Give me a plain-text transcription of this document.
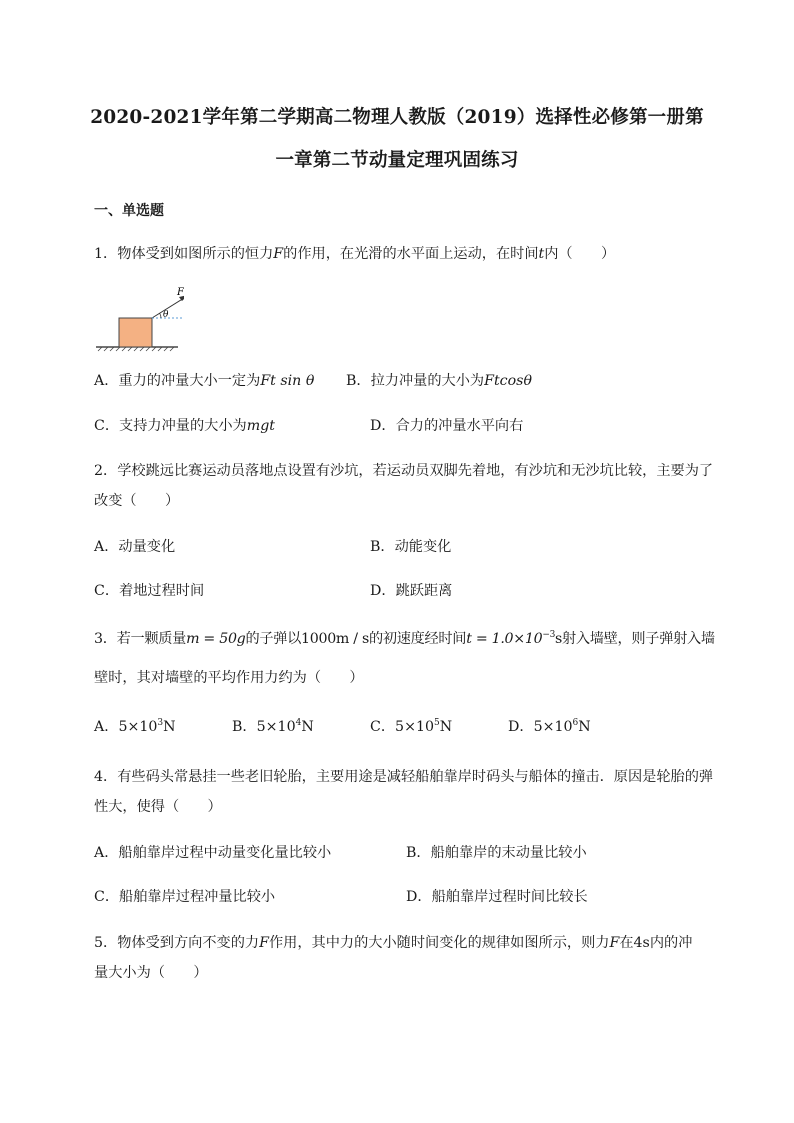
2020-2021学年第二学期高二物理人教版（2019）选择性必修第一册第
一章第二节动量定理巩固练习
一、单选题
1．物体受到如图所示的恒力F的作用，在光滑的水平面上运动，在时间t内（　　）
F
θ
A．重力的冲量大小一定为Ft sin θ B．拉力冲量的大小为Ftcosθ
C．支持力冲量的大小为mgt	D．合力的冲量水平向右
2．学校跳远比赛运动员落地点设置有沙坑，若运动员双脚先着地，有沙坑和无沙坑比较，主要为了
改变（　　）
A．动量变化	B．动能变化
C．着地过程时间	D．跳跃距离
3．若一颗质量m = 50g的子弹以1000m / s的初速度经时间$t = 1.0\times 10^{-3}s$射入墙壁，则子弹射入墙
壁时，其对墙壁的平均作用力约为（　　）
A．$5\times 10^3N$	B．$5\times 10^4N$	C．$5\times 10^5N$	D．$5\times 10^6N$
4．有些码头常悬挂一些老旧轮胎，主要用途是减轻船舶靠岸时码头与船体的撞击．原因是轮胎的弹
性大，使得（　　）
A．船舶靠岸过程中动量变化量比较小	B．船舶靠岸的末动量比较小
C．船舶靠岸过程冲量比较小	D．船舶靠岸过程时间比较长
5．物体受到方向不变的力F作用，其中力的大小随时间变化的规律如图所示，则力F在4s内的冲
量大小为（　　）
